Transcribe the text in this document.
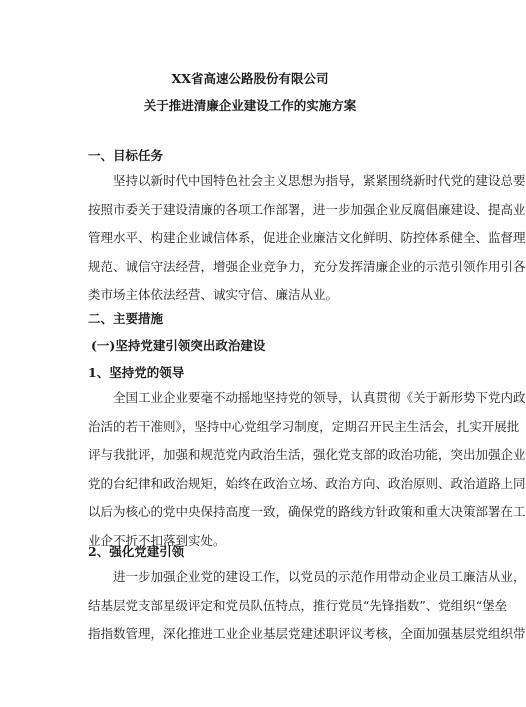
XX省高速公路股份有限公司

关于推进清廉企业建设工作的实施方案

一、目标任务

坚持以新时代中国特色社会主义思想为指导，紧紧围绕新时代党的建设总要
按照市委关于建设清廉的各项工作部署，进一步加强企业反腐倡廉建设、提高业
管理水平、构建企业诚信体系，促进企业廉洁文化鲜明、防控体系健全、监督理
规范、诚信守法经营，增强企业竞争力，充分发挥清廉企业的示范引领作用引各
类市场主体依法经营、诚实守信、廉洁从业。

二、主要措施

(一)坚持党建引领突出政治建设

1、坚持党的领导

全国工业企业要毫不动摇地坚持党的领导，认真贯彻《关于新形势下党内政
治活的若干准则》，坚持中心党组学习制度，定期召开民主生活会，扎实开展批
评与我批评，加强和规范党内政治生活，强化党支部的政治功能，突出加强企业
党的台纪律和政治规矩，始终在政治立场、政治方向、政治原则、政治道路上同
以后为核心的党中央保持高度一致，确保党的路线方针政策和重大决策部署在工
业企不折不扣落到实处。

2、强化党建引领

进一步加强企业党的建设工作，以党员的示范作用带动企业员工廉洁从业，
结基层党支部星级评定和党员队伍特点，推行党员“先锋指数”、党组织“堡垒
指指数管理，深化推进工业企业基层党建述职评议考核，全面加强基层党组织带
